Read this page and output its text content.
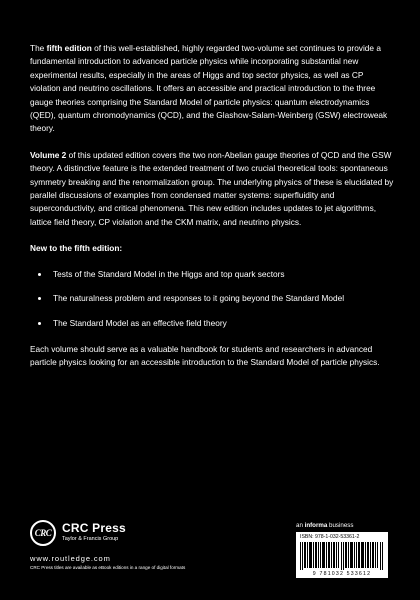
The fifth edition of this well-established, highly regarded two-volume set continues to provide a fundamental introduction to advanced particle physics while incorporating substantial new experimental results, especially in the areas of Higgs and top sector physics, as well as CP violation and neutrino oscillations. It offers an accessible and practical introduction to the three gauge theories comprising the Standard Model of particle physics: quantum electrodynamics (QED), quantum chromodynamics (QCD), and the Glashow-Salam-Weinberg (GSW) electroweak theory.

Volume 2 of this updated edition covers the two non-Abelian gauge theories of QCD and the GSW theory. A distinctive feature is the extended treatment of two crucial theoretical tools: spontaneous symmetry breaking and the renormalization group. The underlying physics of these is elucidated by parallel discussions of examples from condensed matter systems: superfluidity and superconductivity, and critical phenomena. This new edition includes updates to jet algorithms, lattice field theory, CP violation and the CKM matrix, and neutrino physics.

New to the fifth edition:
Tests of the Standard Model in the Higgs and top quark sectors
The naturalness problem and responses to it going beyond the Standard Model
The Standard Model as an effective field theory

Each volume should serve as a valuable handbook for students and researchers in advanced particle physics looking for an accessible introduction to the Standard Model of particle physics.

CRC CRC Press
Taylor & Francis Group
www.routledge.com
CRC Press titles are available as eBook editions in a range of digital formats
an informa business
ISBN: 978-1-032-53361-2
9 781032 533612
